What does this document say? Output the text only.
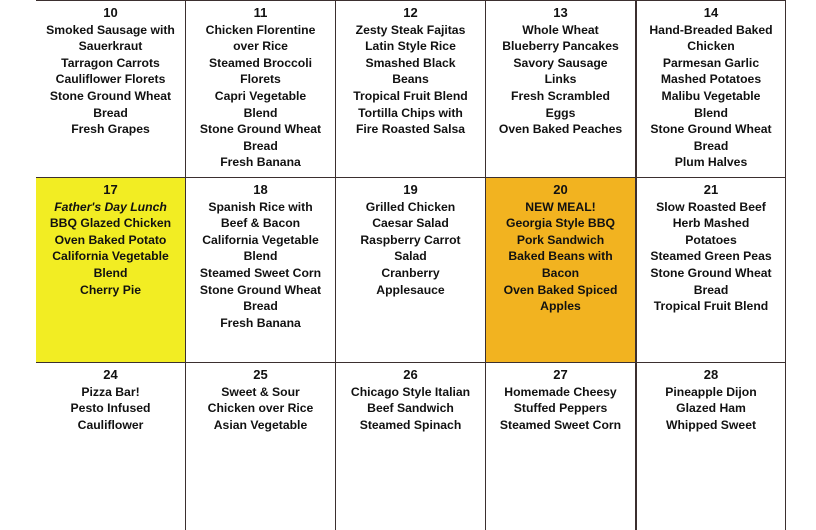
10
Smoked Sausage with
Sauerkraut
Tarragon Carrots
Cauliflower Florets
Stone Ground Wheat
Bread
Fresh Grapes
11
Chicken Florentine
over Rice
Steamed Broccoli
Florets
Capri Vegetable
Blend
Stone Ground Wheat
Bread
Fresh Banana
12
Zesty Steak Fajitas
Latin Style Rice
Smashed Black
Beans
Tropical Fruit Blend
Tortilla Chips with
Fire Roasted Salsa
13
Whole Wheat
Blueberry Pancakes
Savory Sausage
Links
Fresh Scrambled
Eggs
Oven Baked Peaches
14
Hand-Breaded Baked
Chicken
Parmesan Garlic
Mashed Potatoes
Malibu Vegetable
Blend
Stone Ground Wheat
Bread
Plum Halves
17
Father's Day Lunch
BBQ Glazed Chicken
Oven Baked Potato
California Vegetable
Blend
Cherry Pie
18
Spanish Rice with
Beef & Bacon
California Vegetable
Blend
Steamed Sweet Corn
Stone Ground Wheat
Bread
Fresh Banana
19
Grilled Chicken
Caesar Salad
Raspberry Carrot
Salad
Cranberry
Applesauce
20
NEW MEAL!
Georgia Style BBQ
Pork Sandwich
Baked Beans with
Bacon
Oven Baked Spiced
Apples
21
Slow Roasted Beef
Herb Mashed
Potatoes
Steamed Green Peas
Stone Ground Wheat
Bread
Tropical Fruit Blend
24
Pizza Bar!
Pesto Infused
Cauliflower
25
Sweet & Sour
Chicken over Rice
Asian Vegetable
26
Chicago Style Italian
Beef Sandwich
Steamed Spinach
27
Homemade Cheesy
Stuffed Peppers
Steamed Sweet Corn
28
Pineapple Dijon
Glazed Ham
Whipped Sweet
